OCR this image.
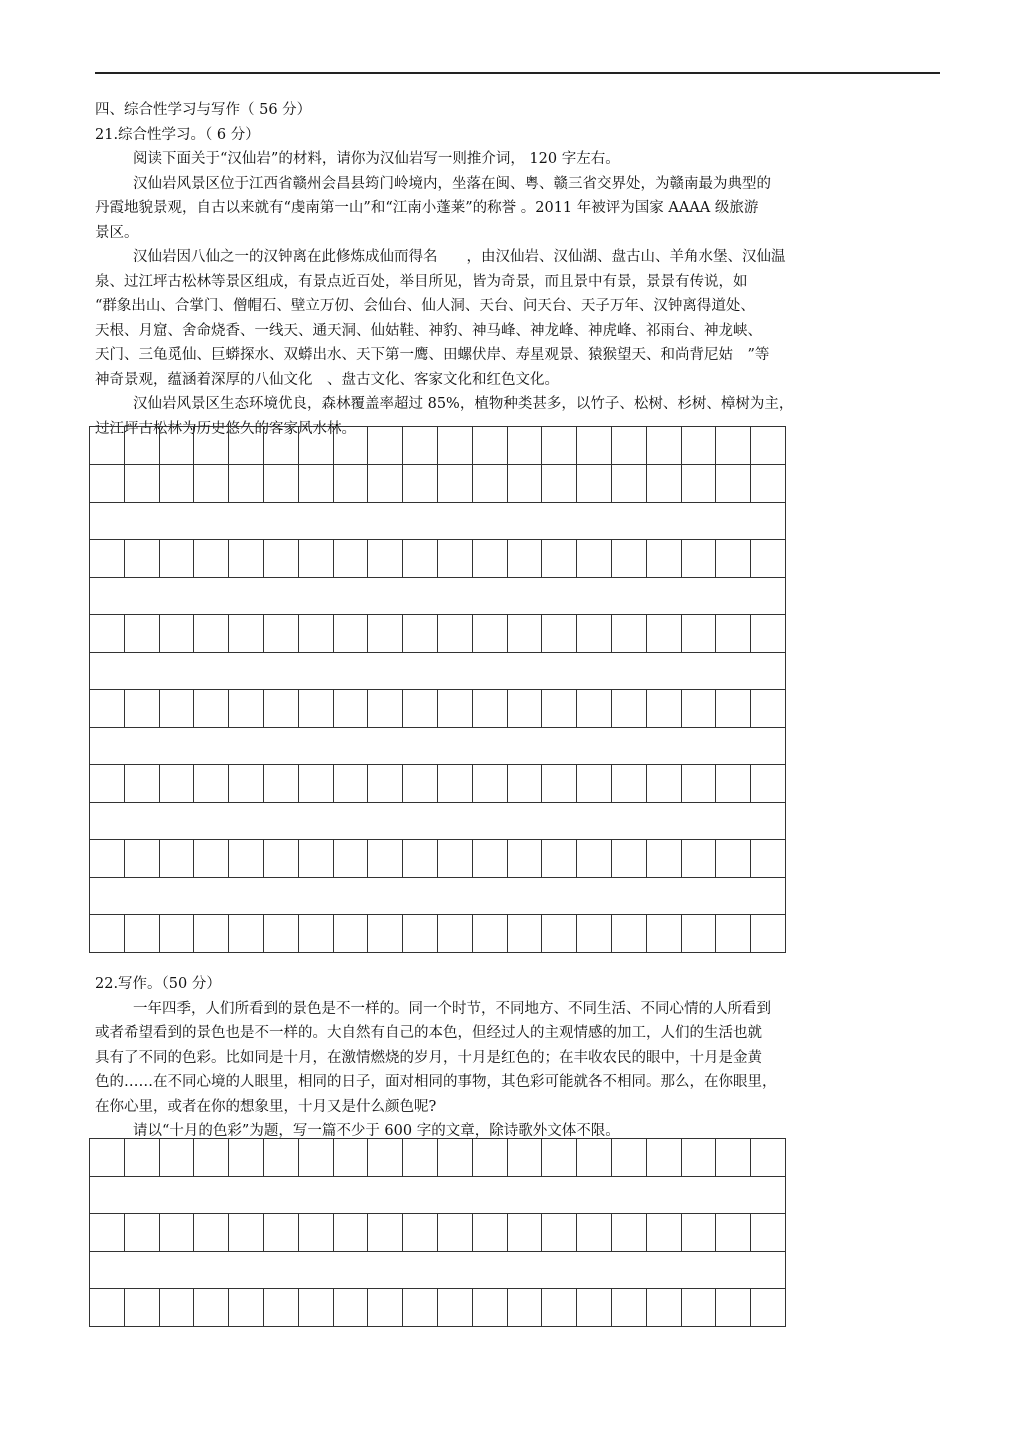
四、综合性学习与写作（ 56 分）
21.综合性学习。（ 6 分）
阅读下面关于“汉仙岩”的材料，请你为汉仙岩写一则推介词， 120 字左右。
汉仙岩风景区位于江西省赣州会昌县筠门岭境内，坐落在闽、粤、赣三省交界处，为赣南最为典型的
丹霞地貌景观，自古以来就有“虔南第一山”和“江南小蓬莱”的称誉 。2011 年被评为国家 AAAA 级旅游
景区。
汉仙岩因八仙之一的汉钟离在此修炼成仙而得名　　，由汉仙岩、汉仙湖、盘古山、羊角水堡、汉仙温
泉、过江坪古松林等景区组成，有景点近百处，举目所见，皆为奇景，而且景中有景，景景有传说，如
“群象出山、合掌门、僧帽石、壁立万仞、会仙台、仙人洞、天台、问天台、天子万年、汉钟离得道处、
天根、月窟、舍命烧香、一线天、通天洞、仙姑鞋、神豹、神马峰、神龙峰、神虎峰、祁雨台、神龙峡、
天门、三龟觅仙、巨蟒探水、双蟒出水、天下第一鹰、田螺伏岸、寿星观景、猿猴望天、和尚背尼姑　”等
神奇景观，蕴涵着深厚的八仙文化　、盘古文化、客家文化和红色文化。
汉仙岩风景区生态环境优良，森林覆盖率超过 85%，植物种类甚多，以竹子、松树、杉树、樟树为主，
过江坪古松林为历史悠久的客家风水林。

22.写作。（50 分）
一年四季，人们所看到的景色是不一样的。同一个时节，不同地方、不同生活、不同心情的人所看到
或者希望看到的景色也是不一样的。大自然有自己的本色，但经过人的主观情感的加工，人们的生活也就
具有了不同的色彩。比如同是十月，在激情燃烧的岁月，十月是红色的；在丰收农民的眼中，十月是金黄
色的……在不同心境的人眼里，相同的日子，面对相同的事物，其色彩可能就各不相同。那么，在你眼里，
在你心里，或者在你的想象里，十月又是什么颜色呢?
请以“十月的色彩”为题，写一篇不少于 600 字的文章，除诗歌外文体不限。
